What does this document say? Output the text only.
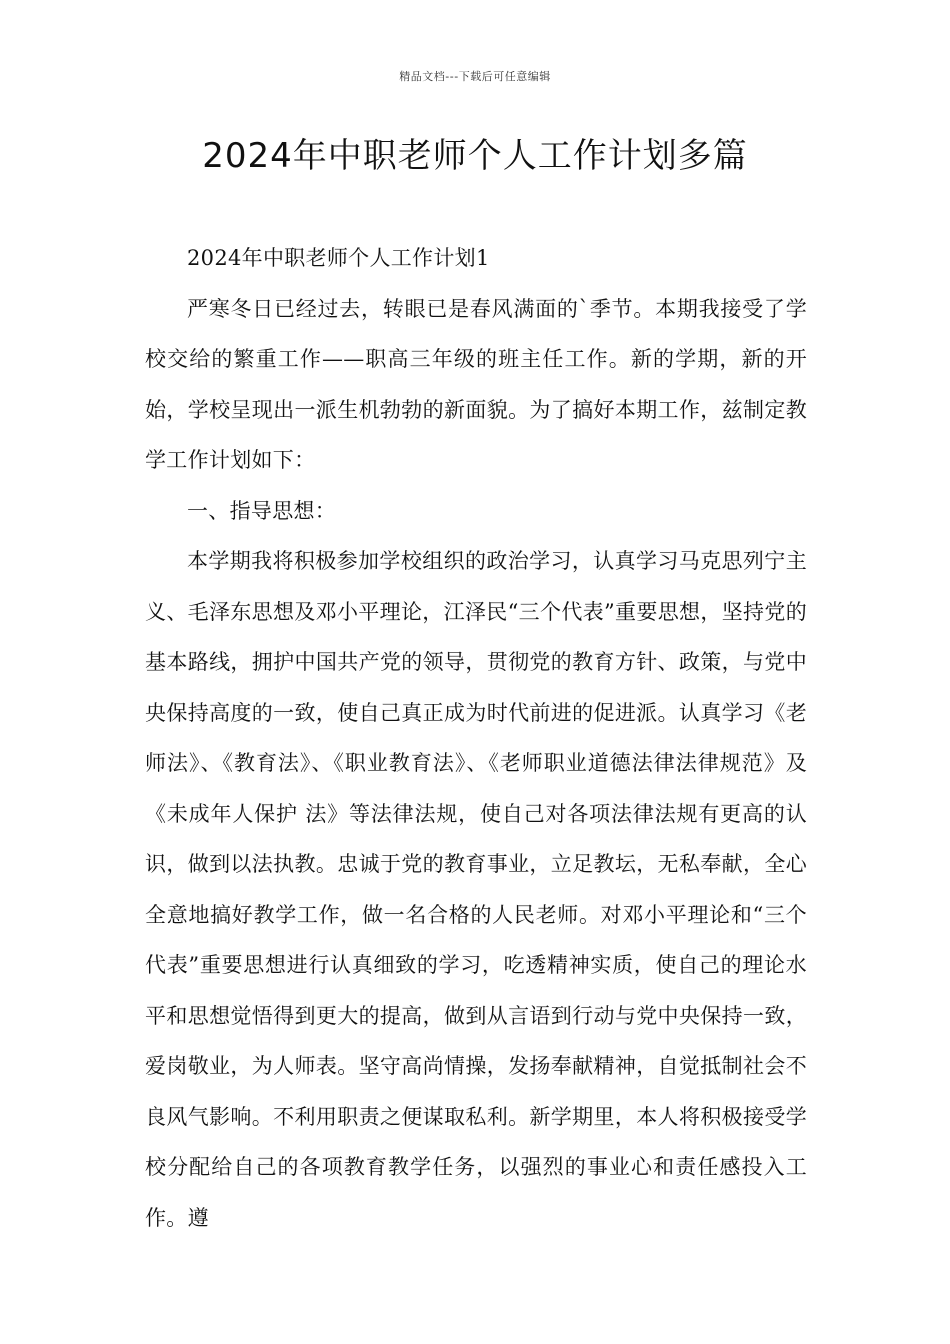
精品文档---下载后可任意编辑
2024年中职老师个人工作计划多篇

2024年中职老师个人工作计划1

严寒冬日已经过去，转眼已是春风满面的`季节。本期我接受了学校交给的繁重工作——职高三年级的班主任工作。新的学期，新的开始，学校呈现出一派生机勃勃的新面貌。为了搞好本期工作，兹制定教学工作计划如下：

一、指导思想：

本学期我将积极参加学校组织的政治学习，认真学习马克思列宁主义、毛泽东思想及邓小平理论，江泽民“三个代表”重要思想，坚持党的基本路线，拥护中国共产党的领导，贯彻党的教育方针、政策，与党中央保持高度的一致，使自己真正成为时代前进的促进派。认真学习《老师法》、《教育法》、《职业教育法》、《老师职业道德法律法律规范》及《未成年人保护 法》等法律法规，使自己对各项法律法规有更高的认识，做到以法执教。忠诚于党的教育事业，立足教坛，无私奉献，全心全意地搞好教学工作，做一名合格的人民老师。对邓小平理论和“三个代表”重要思想进行认真细致的学习，吃透精神实质，使自己的理论水平和思想觉悟得到更大的提高，做到从言语到行动与党中央保持一致，爱岗敬业，为人师表。坚守高尚情操，发扬奉献精神，自觉抵制社会不良风气影响。不利用职责之便谋取私利。新学期里，本人将积极接受学校分配给自己的各项教育教学任务，以强烈的事业心和责任感投入工作。遵
